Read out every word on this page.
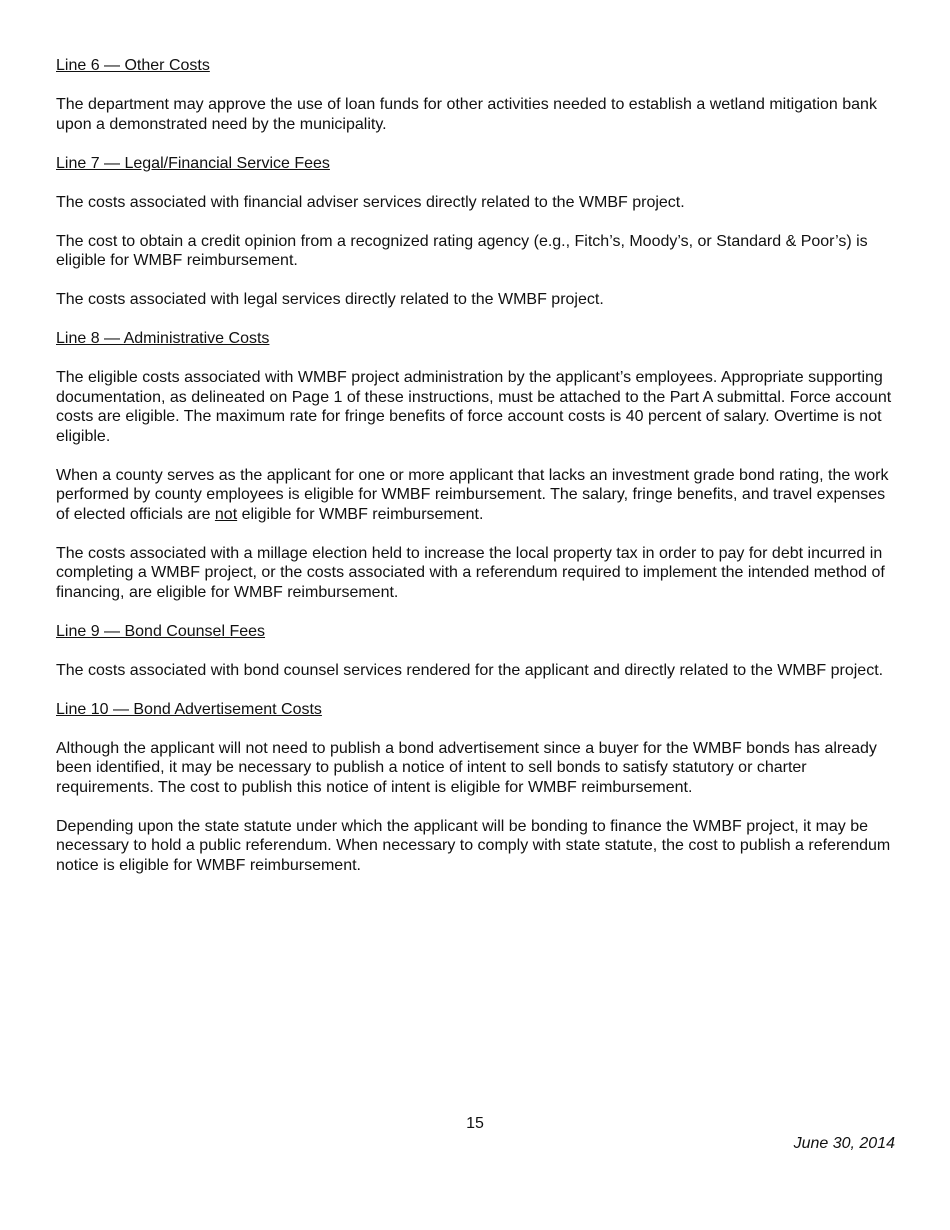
Line 6 — Other Costs

The department may approve the use of loan funds for other activities needed to establish a wetland mitigation bank upon a demonstrated need by the municipality.

Line 7 — Legal/Financial Service Fees

The costs associated with financial adviser services directly related to the WMBF project.

The cost to obtain a credit opinion from a recognized rating agency (e.g., Fitch’s, Moody’s, or Standard & Poor’s) is eligible for WMBF reimbursement.

The costs associated with legal services directly related to the WMBF project.

Line 8 — Administrative Costs

The eligible costs associated with WMBF project administration by the applicant’s employees. Appropriate supporting documentation, as delineated on Page 1 of these instructions, must be attached to the Part A submittal. Force account costs are eligible. The maximum rate for fringe benefits of force account costs is 40 percent of salary. Overtime is not eligible.

When a county serves as the applicant for one or more applicant that lacks an investment grade bond rating, the work performed by county employees is eligible for WMBF reimbursement. The salary, fringe benefits, and travel expenses of elected officials are not eligible for WMBF reimbursement.

The costs associated with a millage election held to increase the local property tax in order to pay for debt incurred in completing a WMBF project, or the costs associated with a referendum required to implement the intended method of financing, are eligible for WMBF reimbursement.

Line 9 — Bond Counsel Fees

The costs associated with bond counsel services rendered for the applicant and directly related to the WMBF project.

Line 10 — Bond Advertisement Costs

Although the applicant will not need to publish a bond advertisement since a buyer for the WMBF bonds has already been identified, it may be necessary to publish a notice of intent to sell bonds to satisfy statutory or charter requirements. The cost to publish this notice of intent is eligible for WMBF reimbursement.

Depending upon the state statute under which the applicant will be bonding to finance the WMBF project, it may be necessary to hold a public referendum. When necessary to comply with state statute, the cost to publish a referendum notice is eligible for WMBF reimbursement.

15
June 30, 2014
